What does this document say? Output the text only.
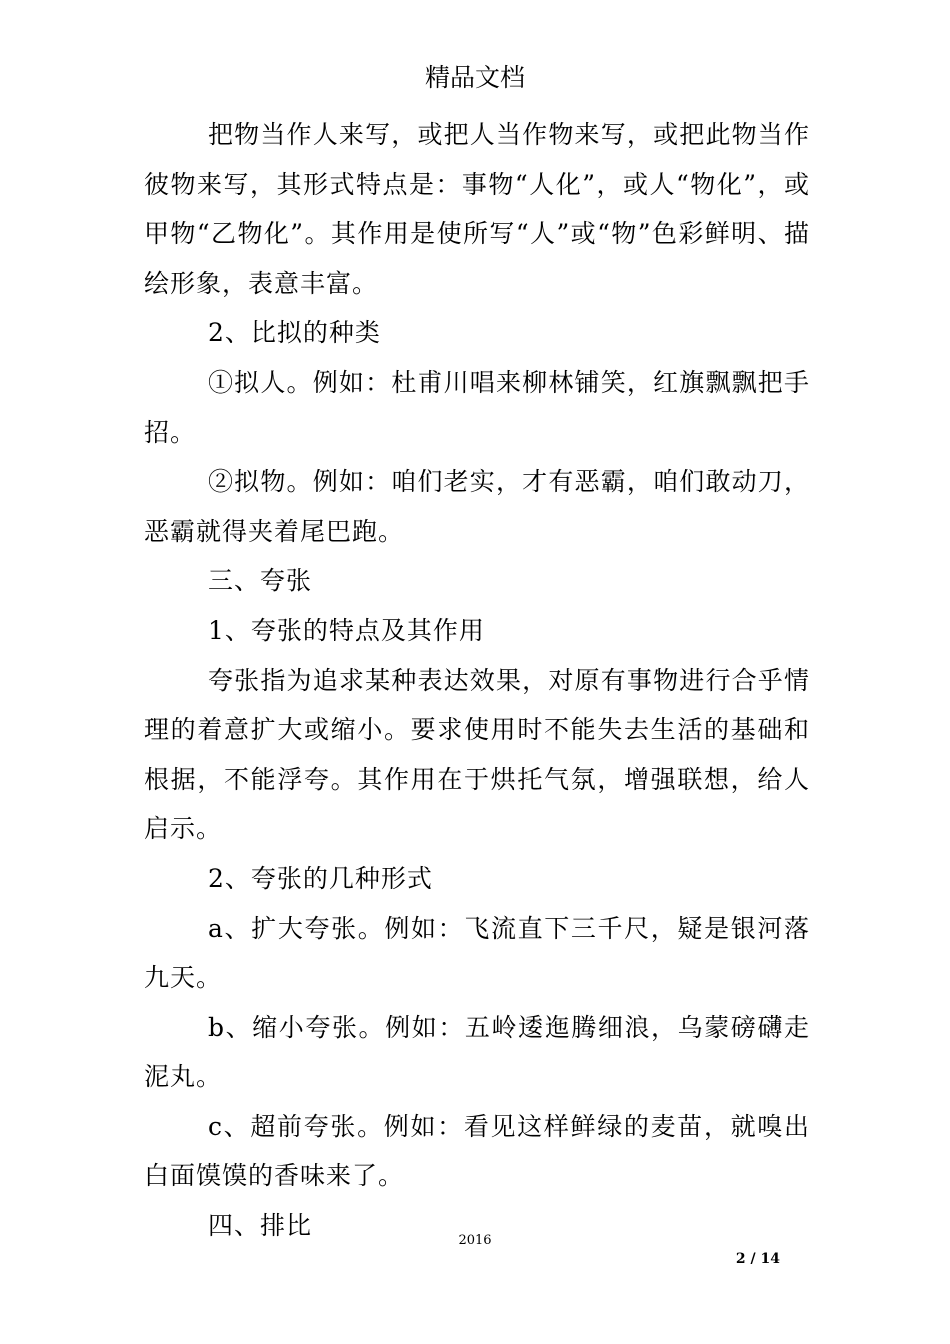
精品文档

把物当作人来写，或把人当作物来写，或把此物当作彼物来写，其形式特点是：事物“人化”，或人“物化”，或甲物“乙物化”。其作用是使所写“人”或“物”色彩鲜明、描绘形象，表意丰富。

2、比拟的种类

①拟人。例如：杜甫川唱来柳林铺笑，红旗飘飘把手招。

②拟物。例如：咱们老实，才有恶霸，咱们敢动刀，恶霸就得夹着尾巴跑。

三、夸张

1、夸张的特点及其作用

夸张指为追求某种表达效果，对原有事物进行合乎情理的着意扩大或缩小。要求使用时不能失去生活的基础和根据，不能浮夸。其作用在于烘托气氛，增强联想，给人启示。

2、夸张的几种形式

a、扩大夸张。例如：飞流直下三千尺，疑是银河落九天。

b、缩小夸张。例如：五岭逶迤腾细浪，乌蒙磅礴走泥丸。

c、超前夸张。例如：看见这样鲜绿的麦苗，就嗅出白面馍馍的香味来了。

四、排比

2016
2 / 14
